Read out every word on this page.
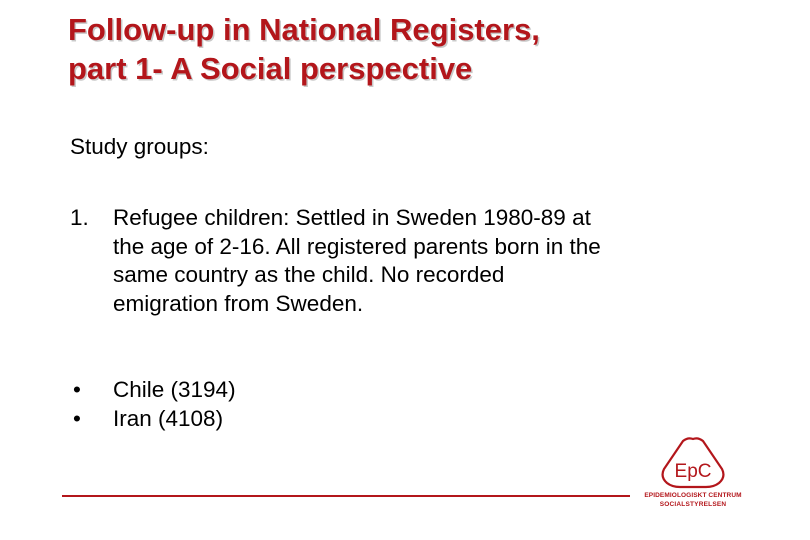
Follow-up in National Registers,
part 1- A Social perspective
Study groups:
1. Refugee children: Settled in Sweden 1980-89 at
the age of 2-16. All registered parents born in the
same country as the child. No recorded
emigration from Sweden.
• Chile (3194)
• Iran (4108)
EpC
EPIDEMIOLOGISKT CENTRUM
SOCIALSTYRELSEN
